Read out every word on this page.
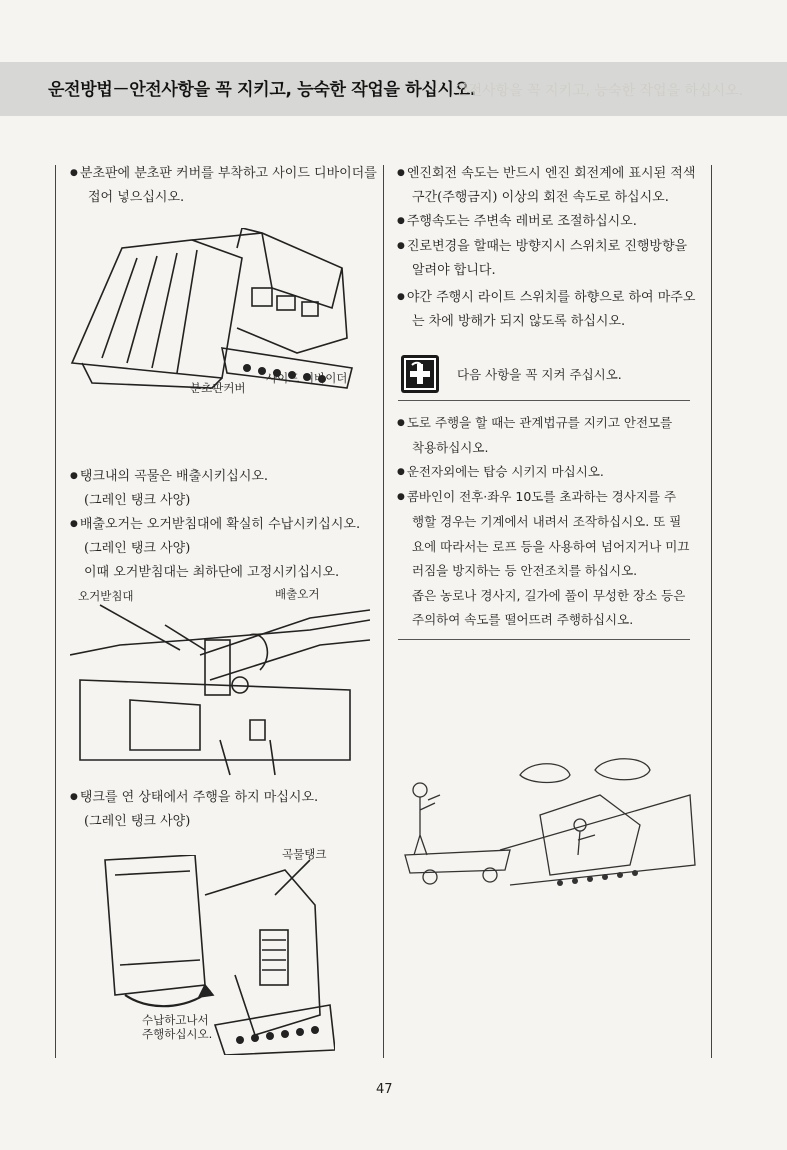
운전방법－안전사항을 꼭 지키고, 능숙한 작업을 하십시오.
안전사항을 꼭 지키고, 능숙한 작업을 하십시오.
● 분초판에 분초판 커버를 부착하고 사이드 디바이더를
접어 넣으십시오.
분초판커버
사이드 디바이더
● 탱크내의 곡물은 배출시키십시오.
(그레인 탱크 사양)
● 배출오거는 오거받침대에 확실히 수납시키십시오.
(그레인 탱크 사양)
이때 오거받침대는 최하단에 고정시키십시오.
오거받침대	배출오거
● 탱크를 연 상태에서 주행을 하지 마십시오.
(그레인 탱크 사양)
곡물탱크
수납하고나서
주행하십시오.
● 엔진회전 속도는 반드시 엔진 회전계에 표시된 적색
구간(주행금지) 이상의 회전 속도로 하십시오.
● 주행속도는 주변속 레버로 조절하십시오.
● 진로변경을 할때는 방향지시 스위치로 진행방향을
알려야 합니다.
● 야간 주행시 라이트 스위치를 하향으로 하여 마주오
는 차에 방해가 되지 않도록 하십시오.
다음 사항을 꼭 지켜 주십시오.
● 도로 주행을 할 때는 관계법규를 지키고 안전모를
착용하십시오.
● 운전자외에는 탑승 시키지 마십시오.
● 콤바인이 전후·좌우 10도를 초과하는 경사지를 주
행할 경우는 기계에서 내려서 조작하십시오. 또 필
요에 따라서는 로프 등을 사용하여 넘어지거나 미끄
러짐을 방지하는 등 안전조치를 하십시오.
좁은 농로나 경사지, 길가에 풀이 무성한 장소 등은
주의하여 속도를 떨어뜨려 주행하십시오.
47
